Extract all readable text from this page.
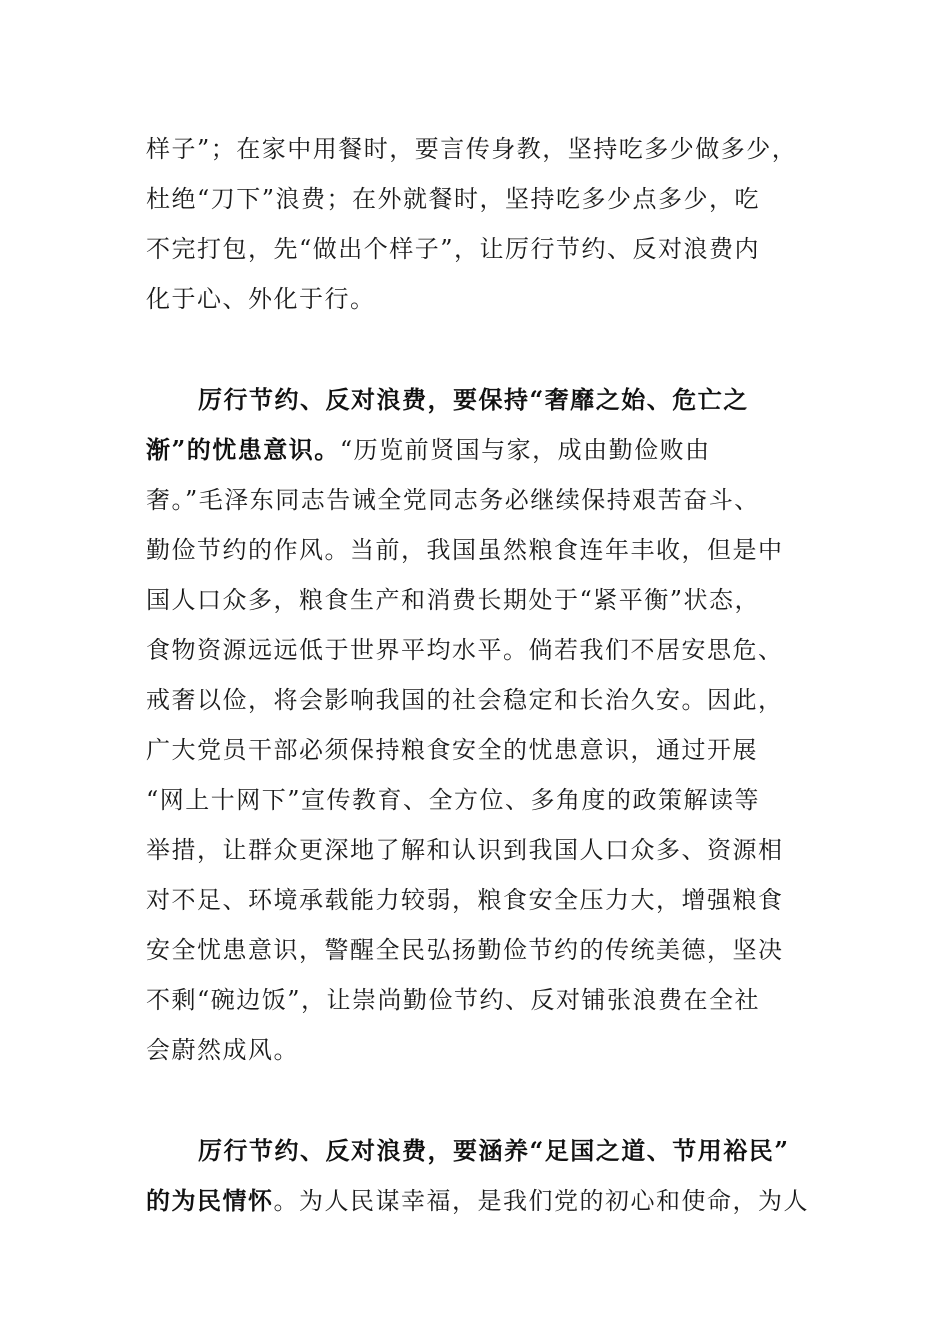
样子”；在家中用餐时，要言传身教，坚持吃多少做多少，
杜绝“刀下”浪费；在外就餐时，坚持吃多少点多少，吃
不完打包，先“做出个样子”，让厉行节约、反对浪费内
化于心、外化于行。
厉行节约、反对浪费，要保持“奢靡之始、危亡之
渐”的忧患意识。“历览前贤国与家，成由勤俭败由
奢。”毛泽东同志告诫全党同志务必继续保持艰苦奋斗、
勤俭节约的作风。当前，我国虽然粮食连年丰收，但是中
国人口众多，粮食生产和消费长期处于“紧平衡”状态，
食物资源远远低于世界平均水平。倘若我们不居安思危、
戒奢以俭，将会影响我国的社会稳定和长治久安。因此，
广大党员干部必须保持粮食安全的忧患意识，通过开展
“网上十网下”宣传教育、全方位、多角度的政策解读等
举措，让群众更深地了解和认识到我国人口众多、资源相
对不足、环境承载能力较弱，粮食安全压力大，增强粮食
安全忧患意识，警醒全民弘扬勤俭节约的传统美德，坚决
不剩“碗边饭”，让崇尚勤俭节约、反对铺张浪费在全社
会蔚然成风。
厉行节约、反对浪费，要涵养“足国之道、节用裕民”
的为民情怀。为人民谋幸福，是我们党的初心和使命，为人
